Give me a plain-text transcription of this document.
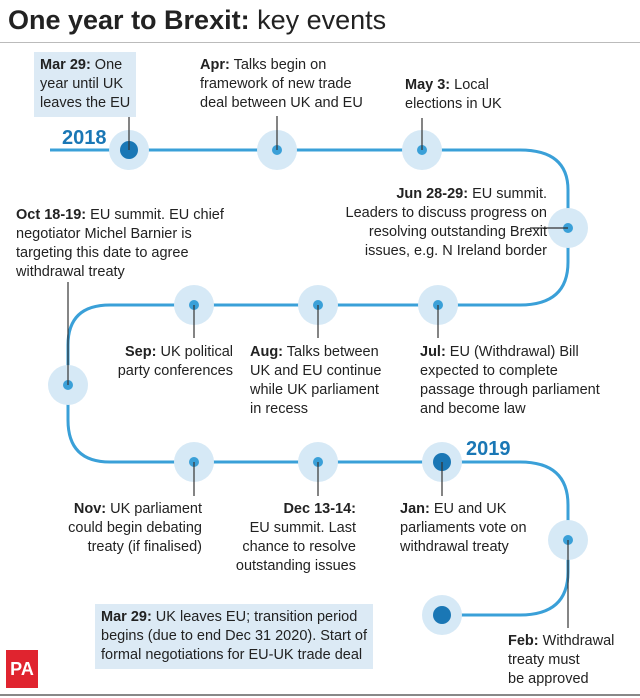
One year to Brexit: key events
2018
2019
Mar 29: One
year until UK
leaves the EU
Apr: Talks begin on
framework of new trade
deal between UK and EU
May 3: Local
elections in UK
Jun 28-29: EU summit.
Leaders to discuss progress on
resolving outstanding Brexit
issues, e.g. N Ireland border
Oct 18-19: EU summit. EU chief
negotiator Michel Barnier is
targeting this date to agree
withdrawal treaty
Sep: UK political
party conferences
Aug: Talks between
UK and EU continue
while UK parliament
in recess
Jul: EU (Withdrawal) Bill
expected to complete
passage through parliament
and become law
Nov: UK parliament
could begin debating
treaty (if finalised)
Dec 13-14:
EU summit. Last
chance to resolve
outstanding issues
Jan: EU and UK
parliaments vote on
withdrawal treaty
Mar 29: UK leaves EU; transition period
begins (due to end Dec 31 2020). Start of
formal negotiations for EU-UK trade deal
Feb: Withdrawal
treaty must
be approved
PA
